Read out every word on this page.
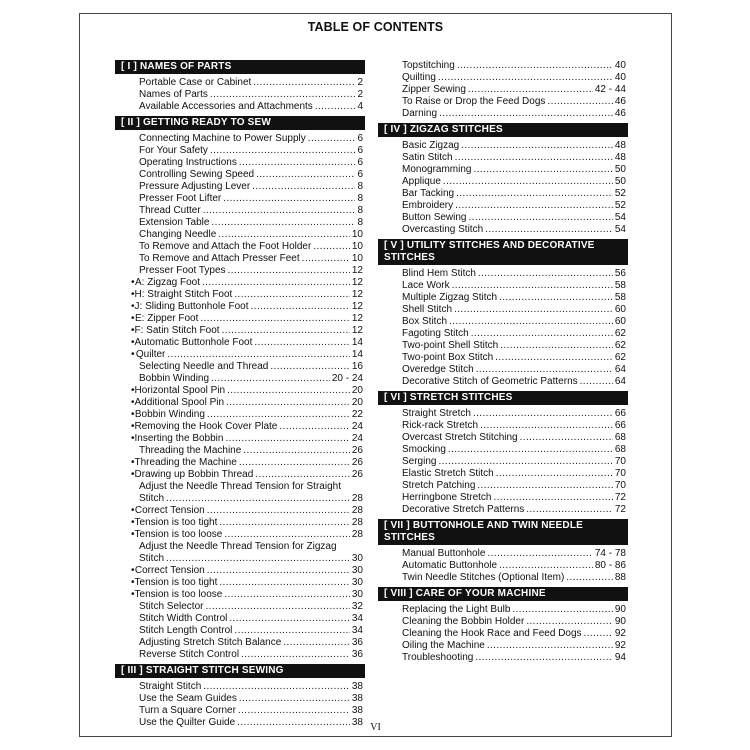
TABLE OF CONTENTS
[ I ] NAMES OF PARTS
Portable Case or Cabinet .....	2
Names of Parts .....	2
Available Accessories and Attachments .....	4
[ II ] GETTING READY TO SEW
Connecting Machine to Power Supply .....	6
For Your Safety .....	6
Operating Instructions .....	6
Controlling Sewing Speed .....	6
Pressure Adjusting Lever .....	8
Presser Foot Lifter .....	8
Thread Cutter .....	8
Extension Table .....	8
Changing Needle .....	10
To Remove and Attach the Foot Holder .....	10
To Remove and Attach Presser Feet .....	10
Presser Foot Types .....	12
• A: Zigzag Foot .....	12
• H: Straight Stitch Foot .....	12
• J: Sliding Buttonhole Foot .....	12
• E: Zipper Foot .....	12
• F: Satin Stitch Foot .....	12
• Automatic Buttonhole Foot .....	14
• Quilter .....	14
Selecting Needle and Thread .....	16
Bobbin Winding .....	20 - 24
• Horizontal Spool Pin .....	20
• Additional Spool Pin .....	20
• Bobbin Winding .....	22
• Removing the Hook Cover Plate .....	24
• Inserting the Bobbin .....	24
Threading the Machine .....	26
• Threading the Machine .....	26
• Drawing up Bobbin Thread .....	26
Adjust the Needle Thread Tension for Straight
Stitch .....	28
• Correct Tension .....	28
• Tension is too tight .....	28
• Tension is too loose .....	28
Adjust the Needle Thread Tension for Zigzag
Stitch .....	30
• Correct Tension .....	30
• Tension is too tight .....	30
• Tension is too loose .....	30
Stitch Selector .....	32
Stitch Width Control .....	34
Stitch Length Control .....	34
Adjusting Stretch Stitch Balance .....	36
Reverse Stitch Control .....	36
[ III ] STRAIGHT STITCH SEWING
Straight Stitch .....	38
Use the Seam Guides .....	38
Turn a Square Corner .....	38
Use the Quilter Guide .....	38
Topstitching .....	40
Quilting .....	40
Zipper Sewing .....	42 - 44
To Raise or Drop the Feed Dogs .....	46
Darning .....	46
[ IV ] ZIGZAG STITCHES
Basic Zigzag .....	48
Satin Stitch .....	48
Monogramming .....	50
Applique .....	50
Bar Tacking .....	52
Embroidery .....	52
Button Sewing .....	54
Overcasting Stitch .....	54
[ V ] UTILITY STITCHES AND DECORATIVE STITCHES
Blind Hem Stitch .....	56
Lace Work .....	58
Multiple Zigzag Stitch .....	58
Shell Stitch .....	60
Box Stitch .....	60
Fagoting Stitch .....	62
Two-point Shell Stitch .....	62
Two-point Box Stitch .....	62
Overedge Stitch .....	64
Decorative Stitch of Geometric Patterns .....	64
[ VI ] STRETCH STITCHES
Straight Stretch .....	66
Rick-rack Stretch .....	66
Overcast Stretch Stitching .....	68
Smocking .....	68
Serging .....	70
Elastic Stretch Stitch .....	70
Stretch Patching .....	70
Herringbone Stretch .....	72
Decorative Stretch Patterns .....	72
[ VII ] BUTTONHOLE AND TWIN NEEDLE STITCHES
Manual Buttonhole .....	74 - 78
Automatic Buttonhole .....	80 - 86
Twin Needle Stitches (Optional Item) .....	88
[ VIII ] CARE OF YOUR MACHINE
Replacing the Light Bulb .....	90
Cleaning the Bobbin Holder .....	90
Cleaning the Hook Race and Feed Dogs .....	92
Oiling the Machine .....	92
Troubleshooting .....	94
VI
